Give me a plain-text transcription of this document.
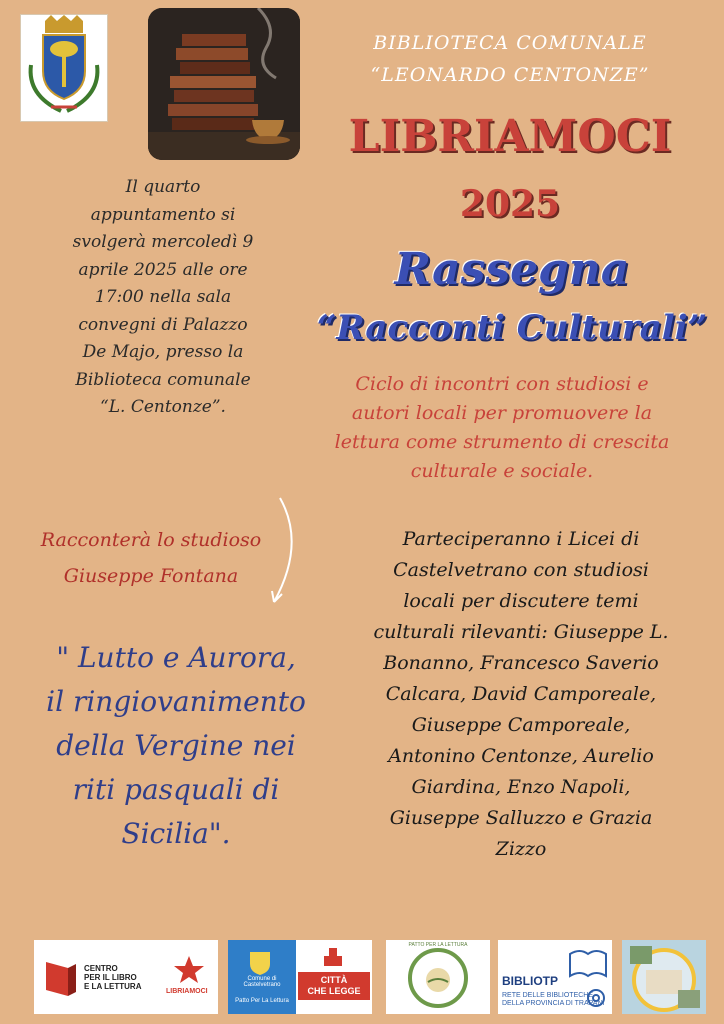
BIBLIOTECA COMUNALE
“LEONARDO CENTONZE”
LIBRIAMOCI
2025
Rassegna
“Racconti Culturali”
Ciclo di incontri con studiosi e
autori locali per promuovere la
lettura come strumento di crescita
culturale e sociale.
Il quarto
appuntamento si
svolgerà mercoledì 9
aprile 2025 alle ore
17:00 nella sala
convegni di Palazzo
De Majo, presso la
Biblioteca comunale
“L. Centonze”.
Racconterà lo studioso
Giuseppe Fontana
" Lutto e Aurora,
il ringiovanimento
della Vergine nei
riti pasquali di
Sicilia".
Parteciperanno i Licei di
Castelvetrano con studiosi
locali per discutere temi
culturali rilevanti: Giuseppe L.
Bonanno, Francesco Saverio
Calcara, David Camporeale,
Giuseppe Camporeale,
Antonino Centonze, Aurelio
Giardina, Enzo Napoli,
Giuseppe Salluzzo e Grazia
Zizzo
CENTRO
PER IL LIBRO
E LA LETTURA
LIBRIAMOCI
Comune di Castelvetrano
Patto Per La Lettura
CITTÀ
CHE LEGGE
PATTO PER LA LETTURA
BIBLIOTP
RETE DELLE BIBLIOTECHE
DELLA PROVINCIA DI TRAPANI
